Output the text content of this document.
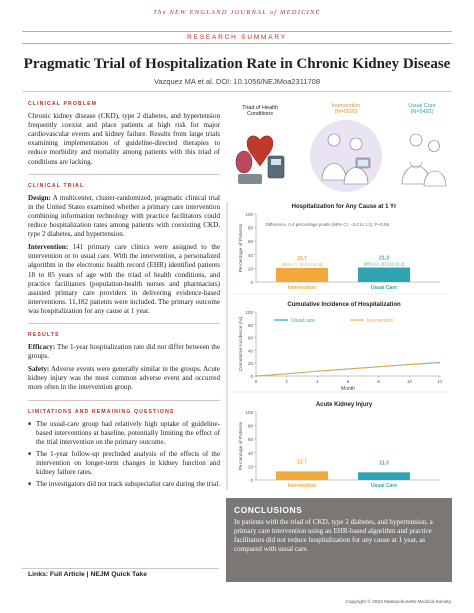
The NEW ENGLAND JOURNAL of MEDICINE
RESEARCH SUMMARY
Pragmatic Trial of Hospitalization Rate in Chronic Kidney Disease
Vazquez MA et al. DOI: 10.1056/NEJMoa2311708
CLINICAL PROBLEM
Chronic kidney disease (CKD), type 2 diabetes, and hypertension frequently coexist and place patients at high risk for major cardiovascular events and kidney failure. Results from large trials examining implementation of guideline-directed therapies to reduce morbidity and mortality among patients with this triad of conditions are lacking.
CLINICAL TRIAL
Design: A multicenter, cluster-randomized, pragmatic clinical trial in the United States examined whether a primary care intervention combining information technology with practice facilitators could reduce hospitalization rates among patients with coexisting CKD, type 2 diabetes, and hypertension.
Intervention: 141 primary care clinics were assigned to the intervention or to usual care. With the intervention, a personalized algorithm in the electronic health record (EHR) identified patients 18 to 85 years of age with the triad of health conditions, and practice facilitators (population-health nurses and pharmacists) assisted primary care providers in delivering evidence-based interventions. 11,182 patients were included. The primary outcome was hospitalization for any cause at 1 year.
RESULTS
Efficacy: The 1-year hospitalization rate did not differ between the groups.
Safety: Adverse events were generally similar in the groups. Acute kidney injury was the most common adverse event and occurred more often in the intervention group.
LIMITATIONS AND REMAINING QUESTIONS
■ The usual-care group had relatively high uptake of guideline-based interventions at baseline, potentially limiting the effect of the trial intervention on the primary outcome.
■ The 1-year follow-up precluded analysis of the effects of the intervention on longer-term changes in kidney function and kidney failure rates.
■ The investigators did not track subspecialist care during the trial.
Links: Full Article | NEJM Quick Take
Triad of Health Conditions
Intervention
(N=5690)
Usual Care
(N=5492)
Hospitalization for Any Cause at 1 Yr
0
20
40
60
80
100
Percentage of Patients	Difference, 0.4 percentage points (95% CI, −2.0 to 1.1); P=0.58
20.7
(95% CI, 19.5 to 21.9)
Intervention
21.3
(95% CI, 20.1 to 22.2)
Usual Care
Cumulative Incidence of Hospitalization
0
20
40
60
80
100
0	2	4	6	8	10	12
Month
Cumulative Incidence (%)	Usual care	Intervention
Acute Kidney Injury
0
20
40
60
80
100
Percentage of Patients	12.7
701/5508
Intervention
11.3
619/5492
Usual Care
CONCLUSIONS
In patients with the triad of CKD, type 2 diabetes, and hypertension, a primary care intervention using an EHR-based algorithm and practice facilitators did not reduce hospitalization for any cause at 1 year, as compared with usual care.
Copyright © 2024 Massachusetts Medical Society.
